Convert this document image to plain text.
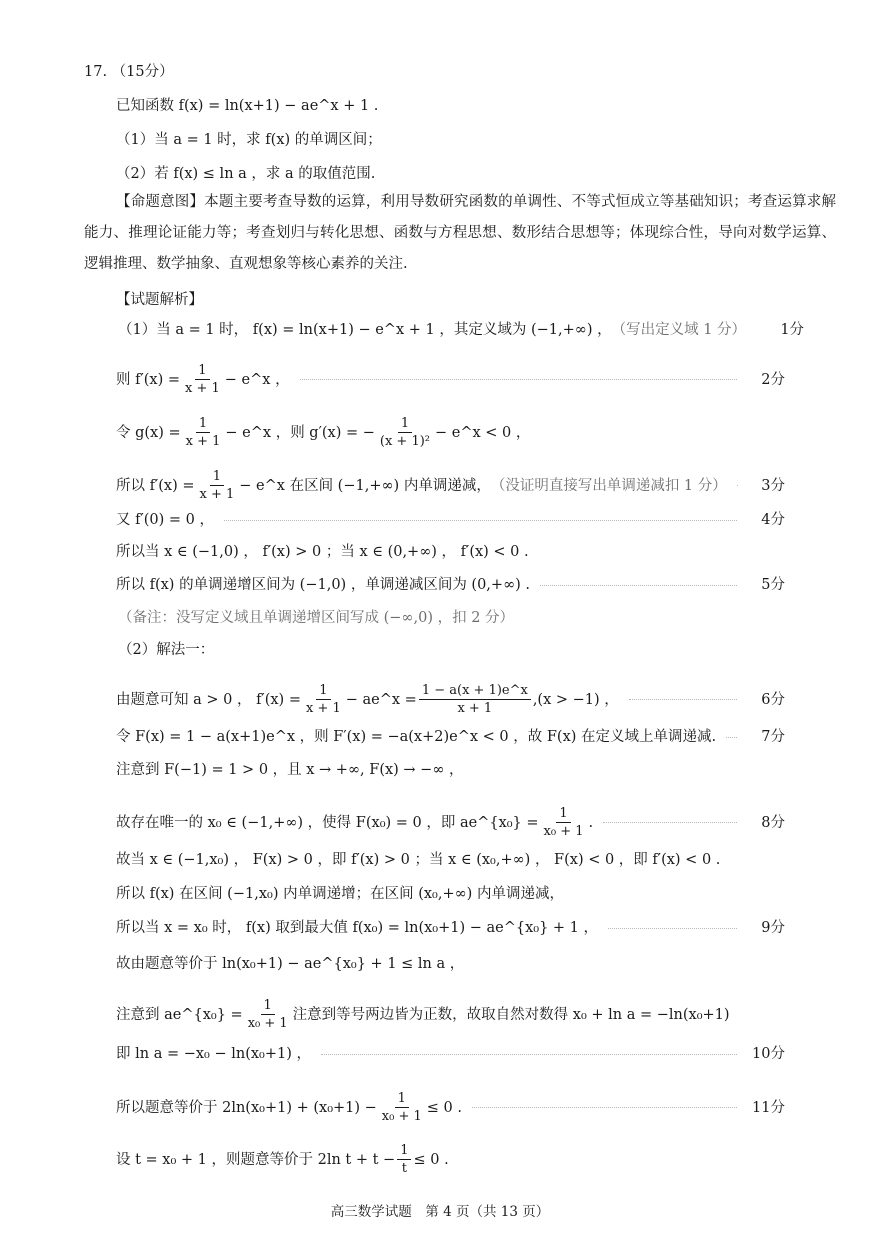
17. （15分）
已知函数 f(x) = ln(x+1) − ae^x + 1 .
（1）当 a = 1 时，求 f(x) 的单调区间；
（2）若 f(x) ≤ ln a ，求 a 的取值范围.
【命题意图】本题主要考查导数的运算，利用导数研究函数的单调性、不等式恒成立等基础知识；考查运算求解能力、推理论证能力等；考查划归与转化思想、函数与方程思想、数形结合思想等；体现综合性，导向对数学运算、逻辑推理、数学抽象、直观想象等核心素养的关注.
【试题解析】
（1）当 a = 1 时， f(x) = ln(x+1) − e^x + 1 ，其定义域为 (−1,+∞) ， （写出定义域 1 分）	1分
则 $f'(x) = \frac{1}{x + 1}$ − e^x ，	2分
令 $g(x) = \frac{1}{x + 1}$ − e^x ，则 g′(x) = − $\frac{1}{\text{(x + 1)²}}$ − e^x < 0 ，
所以 $f'(x) = \frac{1}{x + 1}$ − e^x 在区间 (−1,+∞) 内单调递减， （没证明直接写出单调递减扣 1 分）	3分
又 f′(0) = 0 ，	4分
所以当 x ∈ (−1,0) ， f′(x) > 0 ；当 x ∈ (0,+∞) ， f′(x) < 0 .
所以 f(x) 的单调递增区间为 (−1,0) ，单调递减区间为 (0,+∞) .	5分
（备注：没写定义域且单调递增区间写成 (−∞,0) ，扣 2 分）
（2）解法一：
由题意可知 a > 0 ， $f'(x) = \frac{1}{x + 1}$ − ae^x = $\frac{1 - a(x + 1)e\^{}x}{x + 1} ,(x > -1)$ ，	6分
令 F(x) = 1 − a(x+1)e^x ，则 F′(x) = −a(x+2)e^x < 0 ，故 F(x) 在定义域上单调递减.	7分
注意到 F(−1) = 1 > 0 ，且 x → +∞, F(x) → −∞ ，
故存在唯一的 x₀ ∈ (−1,+∞) ，使得 F(x₀) = 0 ，即 ae^{x₀} = $\frac{1}{\text{x₀ + 1}}$ .	8分
故当 x ∈ (−1,x₀) ， F(x) > 0 ，即 f′(x) > 0 ；当 x ∈ (x₀,+∞) ， F(x) < 0 ，即 f′(x) < 0 .
所以 f(x) 在区间 (−1,x₀) 内单调递增；在区间 (x₀,+∞) 内单调递减，
所以当 x = x₀ 时， f(x) 取到最大值 f(x₀) = ln(x₀+1) − ae^{x₀} + 1 ，	9分
故由题意等价于 ln(x₀+1) − ae^{x₀} + 1 ≤ ln a ，
注意到 ae^{x₀} = $\frac{1}{\text{x₀ + 1}}$ 注意到等号两边皆为正数，故取自然对数得 x₀ + ln a = −ln(x₀+1)
即 ln a = −x₀ − ln(x₀+1) ，	10分
所以题意等价于 $2\ln(x_0+1) + (x_0+1) - \frac{1}{\text{x₀ + 1}} \le 0$ .	11分
设 t = x₀ + 1 ，则题意等价于 2ln $t + t - \frac{1}{t} \le 0$ .
高三数学试题　第 4 页（共 13 页）
